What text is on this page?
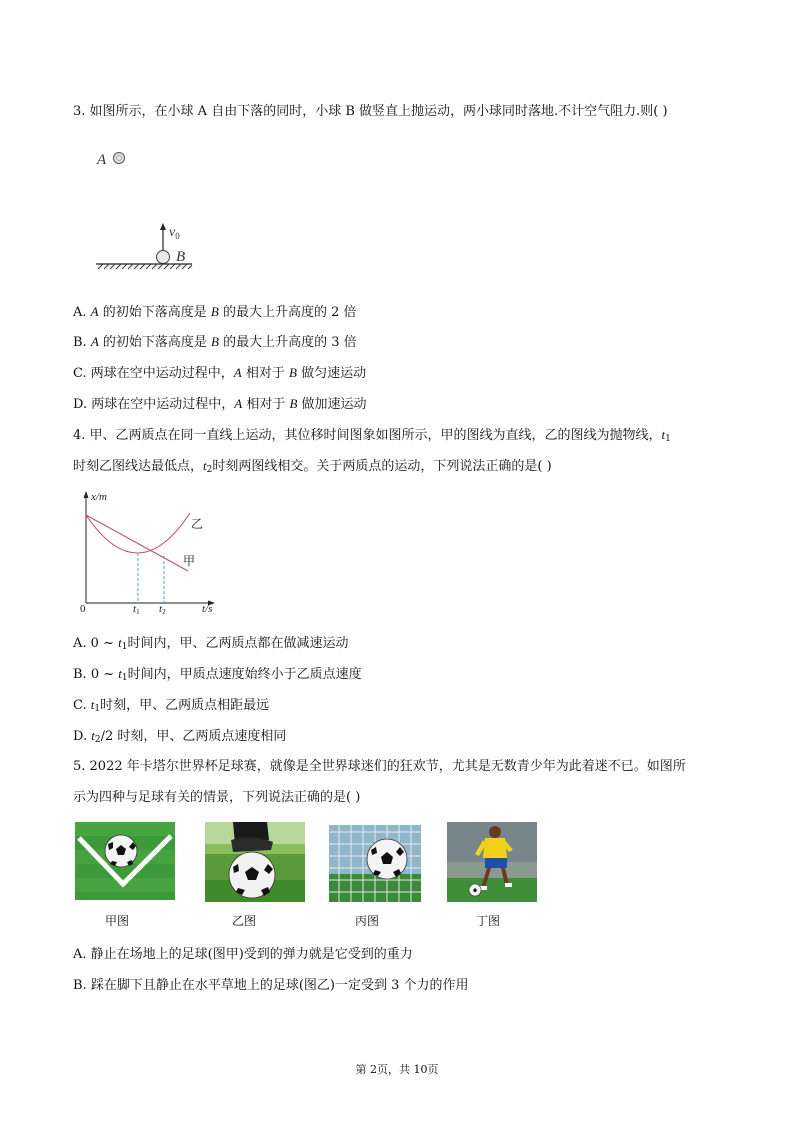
3. 如图所示，在小球 A 自由下落的同时，小球 B 做竖直上抛运动，两小球同时落地.不计空气阻力.则( )
A
$v_0$
B
A. A 的初始下落高度是 B 的最大上升高度的 2 倍
B. A 的初始下落高度是 B 的最大上升高度的 3 倍
C. 两球在空中运动过程中，A 相对于 B 做匀速运动
D. 两球在空中运动过程中，A 相对于 B 做加速运动
4. 甲、乙两质点在同一直线上运动，其位移时间图象如图所示，甲的图线为直线，乙的图线为抛物线，$t_1$
时刻乙图线达最低点，$t_2$时刻两图线相交。关于两质点的运动，下列说法正确的是( )
x/m
t/s
0	t1 t2
乙
甲
A. 0 ~ $t_1$时间内，甲、乙两质点都在做减速运动
B. 0 ~ $t_1$时间内，甲质点速度始终小于乙质点速度
C. $t_1$时刻，甲、乙两质点相距最远
D. $t_2/2$ 时刻，甲、乙两质点速度相同
5. 2022 年卡塔尔世界杯足球赛，就像是全世界球迷们的狂欢节，尤其是无数青少年为此着迷不已。如图所
示为四种与足球有关的情景，下列说法正确的是( )
甲图	乙图	丙图	丁图
A. 静止在场地上的足球(图甲)受到的弹力就是它受到的重力
B. 踩在脚下且静止在水平草地上的足球(图乙)一定受到 3 个力的作用
第 2页，共 10页
